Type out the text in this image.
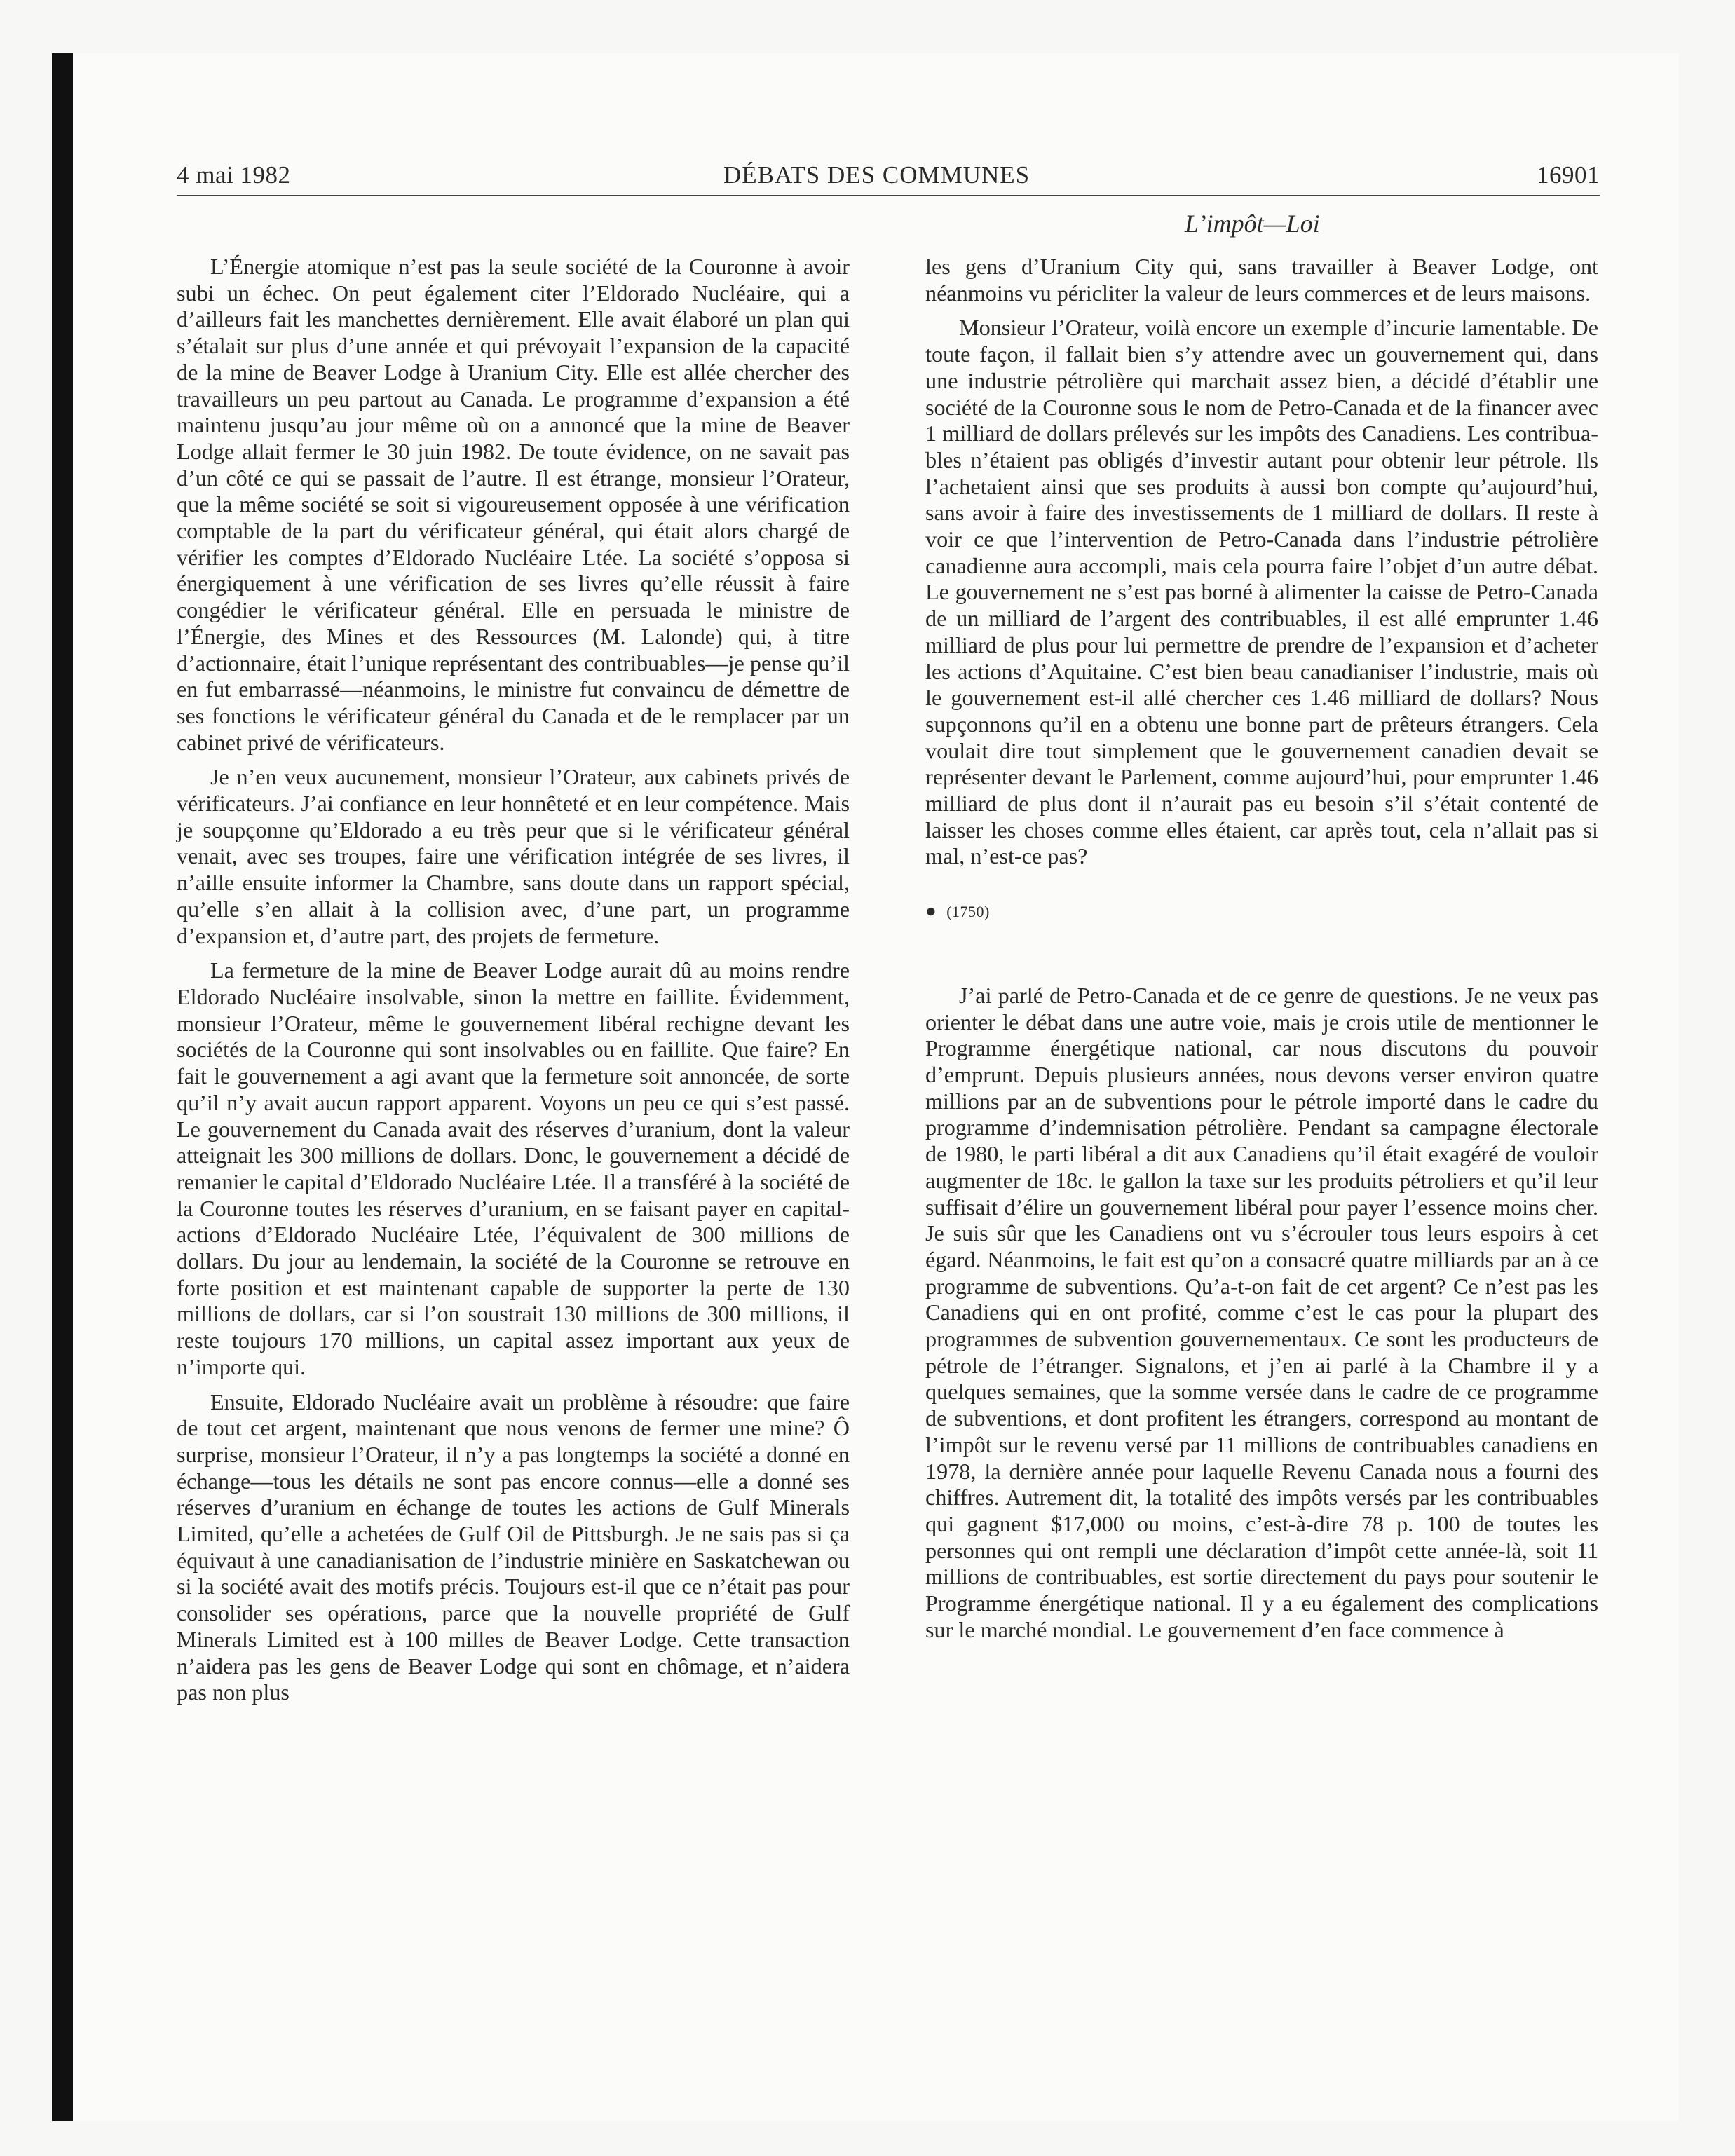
4 mai 1982	DÉBATS DES COMMUNES	16901
L’impôt—Loi

L’Énergie atomique n’est pas la seule société de la Couronne à avoir subi un échec. On peut également citer l’Eldorado Nucléaire, qui a d’ailleurs fait les manchettes dernièrement. Elle avait élaboré un plan qui s’étalait sur plus d’une année et qui prévoyait l’expansion de la capacité de la mine de Beaver Lodge à Uranium City. Elle est allée chercher des travailleurs un peu partout au Canada. Le programme d’expansion a été maintenu jusqu’au jour même où on a annoncé que la mine de Beaver Lodge allait fermer le 30 juin 1982. De toute évidence, on ne savait pas d’un côté ce qui se passait de l’autre. Il est étrange, monsieur l’Orateur, que la même société se soit si vigoureusement opposée à une vérification comptable de la part du vérificateur général, qui était alors chargé de vérifier les comptes d’Eldorado Nucléaire Ltée. La société s’opposa si énergiquement à une vérification de ses livres qu’elle réussit à faire congédier le vérificateur général. Elle en persuada le ministre de l’Énergie, des Mines et des Ressources (M. Lalonde) qui, à titre d’actionnaire, était l’unique représentant des contribuables—je pense qu’il en fut embarrassé—néanmoins, le ministre fut convaincu de démettre de ses fonctions le vérificateur général du Canada et de le remplacer par un cabinet privé de vérificateurs.

Je n’en veux aucunement, monsieur l’Orateur, aux cabinets privés de vérificateurs. J’ai confiance en leur honnêteté et en leur compétence. Mais je soupçonne qu’Eldorado a eu très peur que si le vérificateur général venait, avec ses troupes, faire une vérification intégrée de ses livres, il n’aille ensuite informer la Chambre, sans doute dans un rapport spécial, qu’elle s’en allait à la collision avec, d’une part, un programme d’expansion et, d’autre part, des projets de fermeture.

La fermeture de la mine de Beaver Lodge aurait dû au moins rendre Eldorado Nucléaire insolvable, sinon la mettre en faillite. Évidemment, monsieur l’Orateur, même le gouvernement libéral rechigne devant les sociétés de la Couronne qui sont insolvables ou en faillite. Que faire? En fait le gouvernement a agi avant que la fermeture soit annoncée, de sorte qu’il n’y avait aucun rapport apparent. Voyons un peu ce qui s’est passé. Le gouvernement du Canada avait des réserves d’uranium, dont la valeur atteignait les 300 millions de dollars. Donc, le gouvernement a décidé de remanier le capital d’Eldorado Nucléaire Ltée. Il a transféré à la société de la Couronne toutes les réserves d’uranium, en se faisant payer en capital-actions d’Eldorado Nucléaire Ltée, l’équivalent de 300 millions de dollars. Du jour au lendemain, la société de la Couronne se retrouve en forte position et est maintenant capable de supporter la perte de 130 millions de dollars, car si l’on soustrait 130 millions de 300 millions, il reste toujours 170 millions, un capital assez important aux yeux de n’importe qui.

Ensuite, Eldorado Nucléaire avait un problème à résoudre: que faire de tout cet argent, maintenant que nous venons de fermer une mine? Ô surprise, monsieur l’Orateur, il n’y a pas longtemps la société a donné en échange—tous les détails ne sont pas encore connus—elle a donné ses réserves d’uranium en échange de toutes les actions de Gulf Minerals Limited, qu’elle a achetées de Gulf Oil de Pittsburgh. Je ne sais pas si ça équivaut à une canadianisation de l’industrie minière en Saskatchewan ou si la société avait des motifs précis. Toujours est-il que ce n’était pas pour consolider ses opérations, parce que la nouvelle propriété de Gulf Minerals Limited est à 100 milles de Beaver Lodge. Cette transaction n’aidera pas les gens de Beaver Lodge qui sont en chômage, et n’aidera pas non plus

les gens d’Uranium City qui, sans travailler à Beaver Lodge, ont néanmoins vu péricliter la valeur de leurs commerces et de leurs maisons.

Monsieur l’Orateur, voilà encore un exemple d’incurie lamentable. De toute façon, il fallait bien s’y attendre avec un gouvernement qui, dans une industrie pétrolière qui marchait assez bien, a décidé d’établir une société de la Couronne sous le nom de Petro-Canada et de la financer avec 1 milliard de dollars prélevés sur les impôts des Canadiens. Les contribuables n’étaient pas obligés d’investir autant pour obtenir leur pétrole. Ils l’achetaient ainsi que ses produits à aussi bon compte qu’aujourd’hui, sans avoir à faire des investissements de 1 milliard de dollars. Il reste à voir ce que l’intervention de Petro-Canada dans l’industrie pétrolière canadienne aura accompli, mais cela pourra faire l’objet d’un autre débat. Le gouvernement ne s’est pas borné à alimenter la caisse de Petro-Canada de un milliard de l’argent des contribuables, il est allé emprunter 1.46 milliard de plus pour lui permettre de prendre de l’expansion et d’acheter les actions d’Aquitaine. C’est bien beau canadianiser l’industrie, mais où le gouvernement est-il allé chercher ces 1.46 milliard de dollars? Nous supçonnons qu’il en a obtenu une bonne part de prêteurs étrangers. Cela voulait dire tout simplement que le gouvernement canadien devait se représenter devant le Parlement, comme aujourd’hui, pour emprunter 1.46 milliard de plus dont il n’aurait pas eu besoin s’il s’était contenté de laisser les choses comme elles étaient, car après tout, cela n’allait pas si mal, n’est-ce pas?

● (1750)

J’ai parlé de Petro-Canada et de ce genre de questions. Je ne veux pas orienter le débat dans une autre voie, mais je crois utile de mentionner le Programme énergétique national, car nous discutons du pouvoir d’emprunt. Depuis plusieurs années, nous devons verser environ quatre millions par an de subventions pour le pétrole importé dans le cadre du programme d’indemnisation pétrolière. Pendant sa campagne électorale de 1980, le parti libéral a dit aux Canadiens qu’il était exagéré de vouloir augmenter de 18c. le gallon la taxe sur les produits pétroliers et qu’il leur suffisait d’élire un gouvernement libéral pour payer l’essence moins cher. Je suis sûr que les Canadiens ont vu s’écrouler tous leurs espoirs à cet égard. Néanmoins, le fait est qu’on a consacré quatre milliards par an à ce programme de subventions. Qu’a-t-on fait de cet argent? Ce n’est pas les Canadiens qui en ont profité, comme c’est le cas pour la plupart des programmes de subvention gouvernementaux. Ce sont les producteurs de pétrole de l’étranger. Signalons, et j’en ai parlé à la Chambre il y a quelques semaines, que la somme versée dans le cadre de ce programme de subventions, et dont profitent les étrangers, correspond au montant de l’impôt sur le revenu versé par 11 millions de contribuables canadiens en 1978, la dernière année pour laquelle Revenu Canada nous a fourni des chiffres. Autrement dit, la totalité des impôts versés par les contribuables qui gagnent $17,000 ou moins, c’est-à-dire 78 p. 100 de toutes les personnes qui ont rempli une déclaration d’impôt cette année-là, soit 11 millions de contribuables, est sortie directement du pays pour soutenir le Programme énergétique national. Il y a eu également des complications sur le marché mondial. Le gouvernement d’en face commence à
